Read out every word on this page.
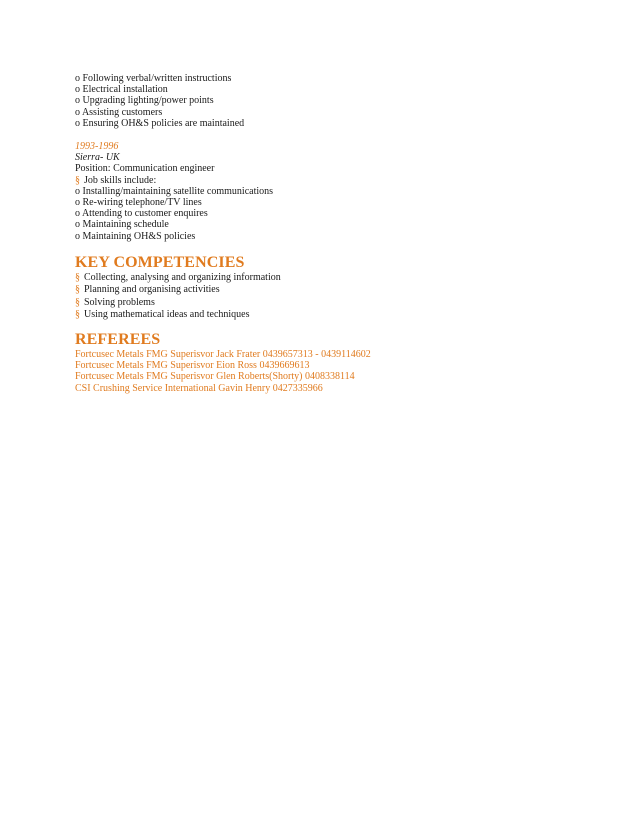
o Following verbal/written instructions

o Electrical installation

o Upgrading lighting/power points

o Assisting customers

o Ensuring OH&S policies are maintained

1993-1996

Sierra- UK

Position: Communication engineer

§ Job skills include:

o Installing/maintaining satellite communications

o Re-wiring telephone/TV lines

o Attending to customer enquires

o Maintaining schedule

o Maintaining OH&S policies

KEY COMPETENCIES

§ Collecting, analysing and organizing information

§ Planning and organising activities

§ Solving problems

§ Using mathematical ideas and techniques

REFEREES

Fortcusec Metals FMG Superisvor Jack Frater 0439657313 - 0439114602

Fortcusec Metals FMG Superisvor Eion Ross 0439669613

Fortcusec Metals FMG Superisvor Glen Roberts(Shorty) 0408338114

CSI Crushing Service International Gavin Henry 0427335966
